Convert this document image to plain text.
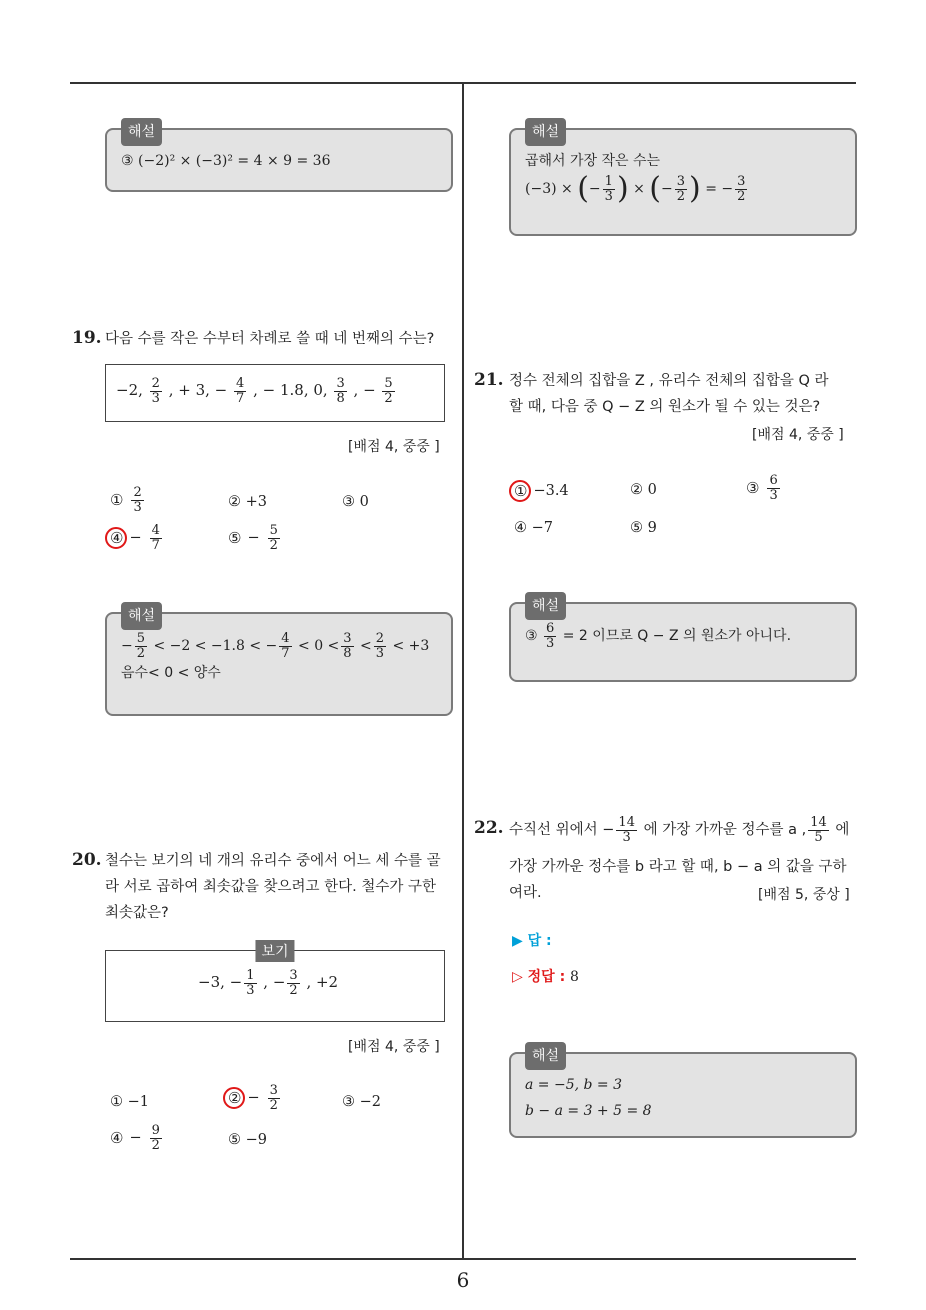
6
해설
③ (−2)² × (−3)² = 4 × 9 = 36
19. 다음 수를 작은 수부터 차례로 쓸 때 네 번째의 수는?
−2, $\frac{2}{3}$ , + 3, − $\frac{4}{7}$ , − 1.8, 0, $\frac{3}{8}$ , − $\frac{5}{2}$
[배점 4, 중중 ]
① $\frac{2}{3}$	② +3	③ 0
④ − $\frac{4}{7}$	⑤ − $\frac{5}{2}$
해설
− $\frac{5}{2} < -2 < -1.8$ < − $\frac{4}{7} < 0 < \frac{3}{8} < \frac{2}{3} < +3$
음수< 0 < 양수
20. 철수는 보기의 네 개의 유리수 중에서 어느 세 수를 골
라 서로 곱하여 최솟값을 찾으려고 한다. 철수가 구한
최솟값은?
보기
−3, − $\frac{1}{3}$ , − $\frac{3}{2}$ , +2
[배점 4, 중중 ]
① −1	② − $\frac{3}{2}$	③ −2
④ − $\frac{9}{2}$	⑤ −9
해설
곱해서 가장 작은 수는
(−3) × (− $\frac{1}{3}$ ) × (− $\frac{3}{2}$ ) = − $\frac{3}{2}$
21. 정수 전체의 집합을 Z , 유리수 전체의 집합을 Q 라
할 때, 다음 중 Q − Z 의 원소가 될 수 있는 것은?
[배점 4, 중중 ]
① −3.4	② 0	③ $\frac{6}{3}$
④ −7	⑤ 9
해설
③ $\frac{6}{3} = 2$ 이므로 Q − Z 의 원소가 아니다.
22. 수직선 위에서 − $\frac{14}{3}$ 에 가장 가까운 정수를 a , $\frac{14}{5}$ 에
가장 가까운 정수를 b 라고 할 때, b − a 의 값을 구하
여라.	[배점 5, 중상 ]
▶ 답 :
▷ 정답 : 8
해설
a = −5, b = 3
b − a = 3 + 5 = 8
